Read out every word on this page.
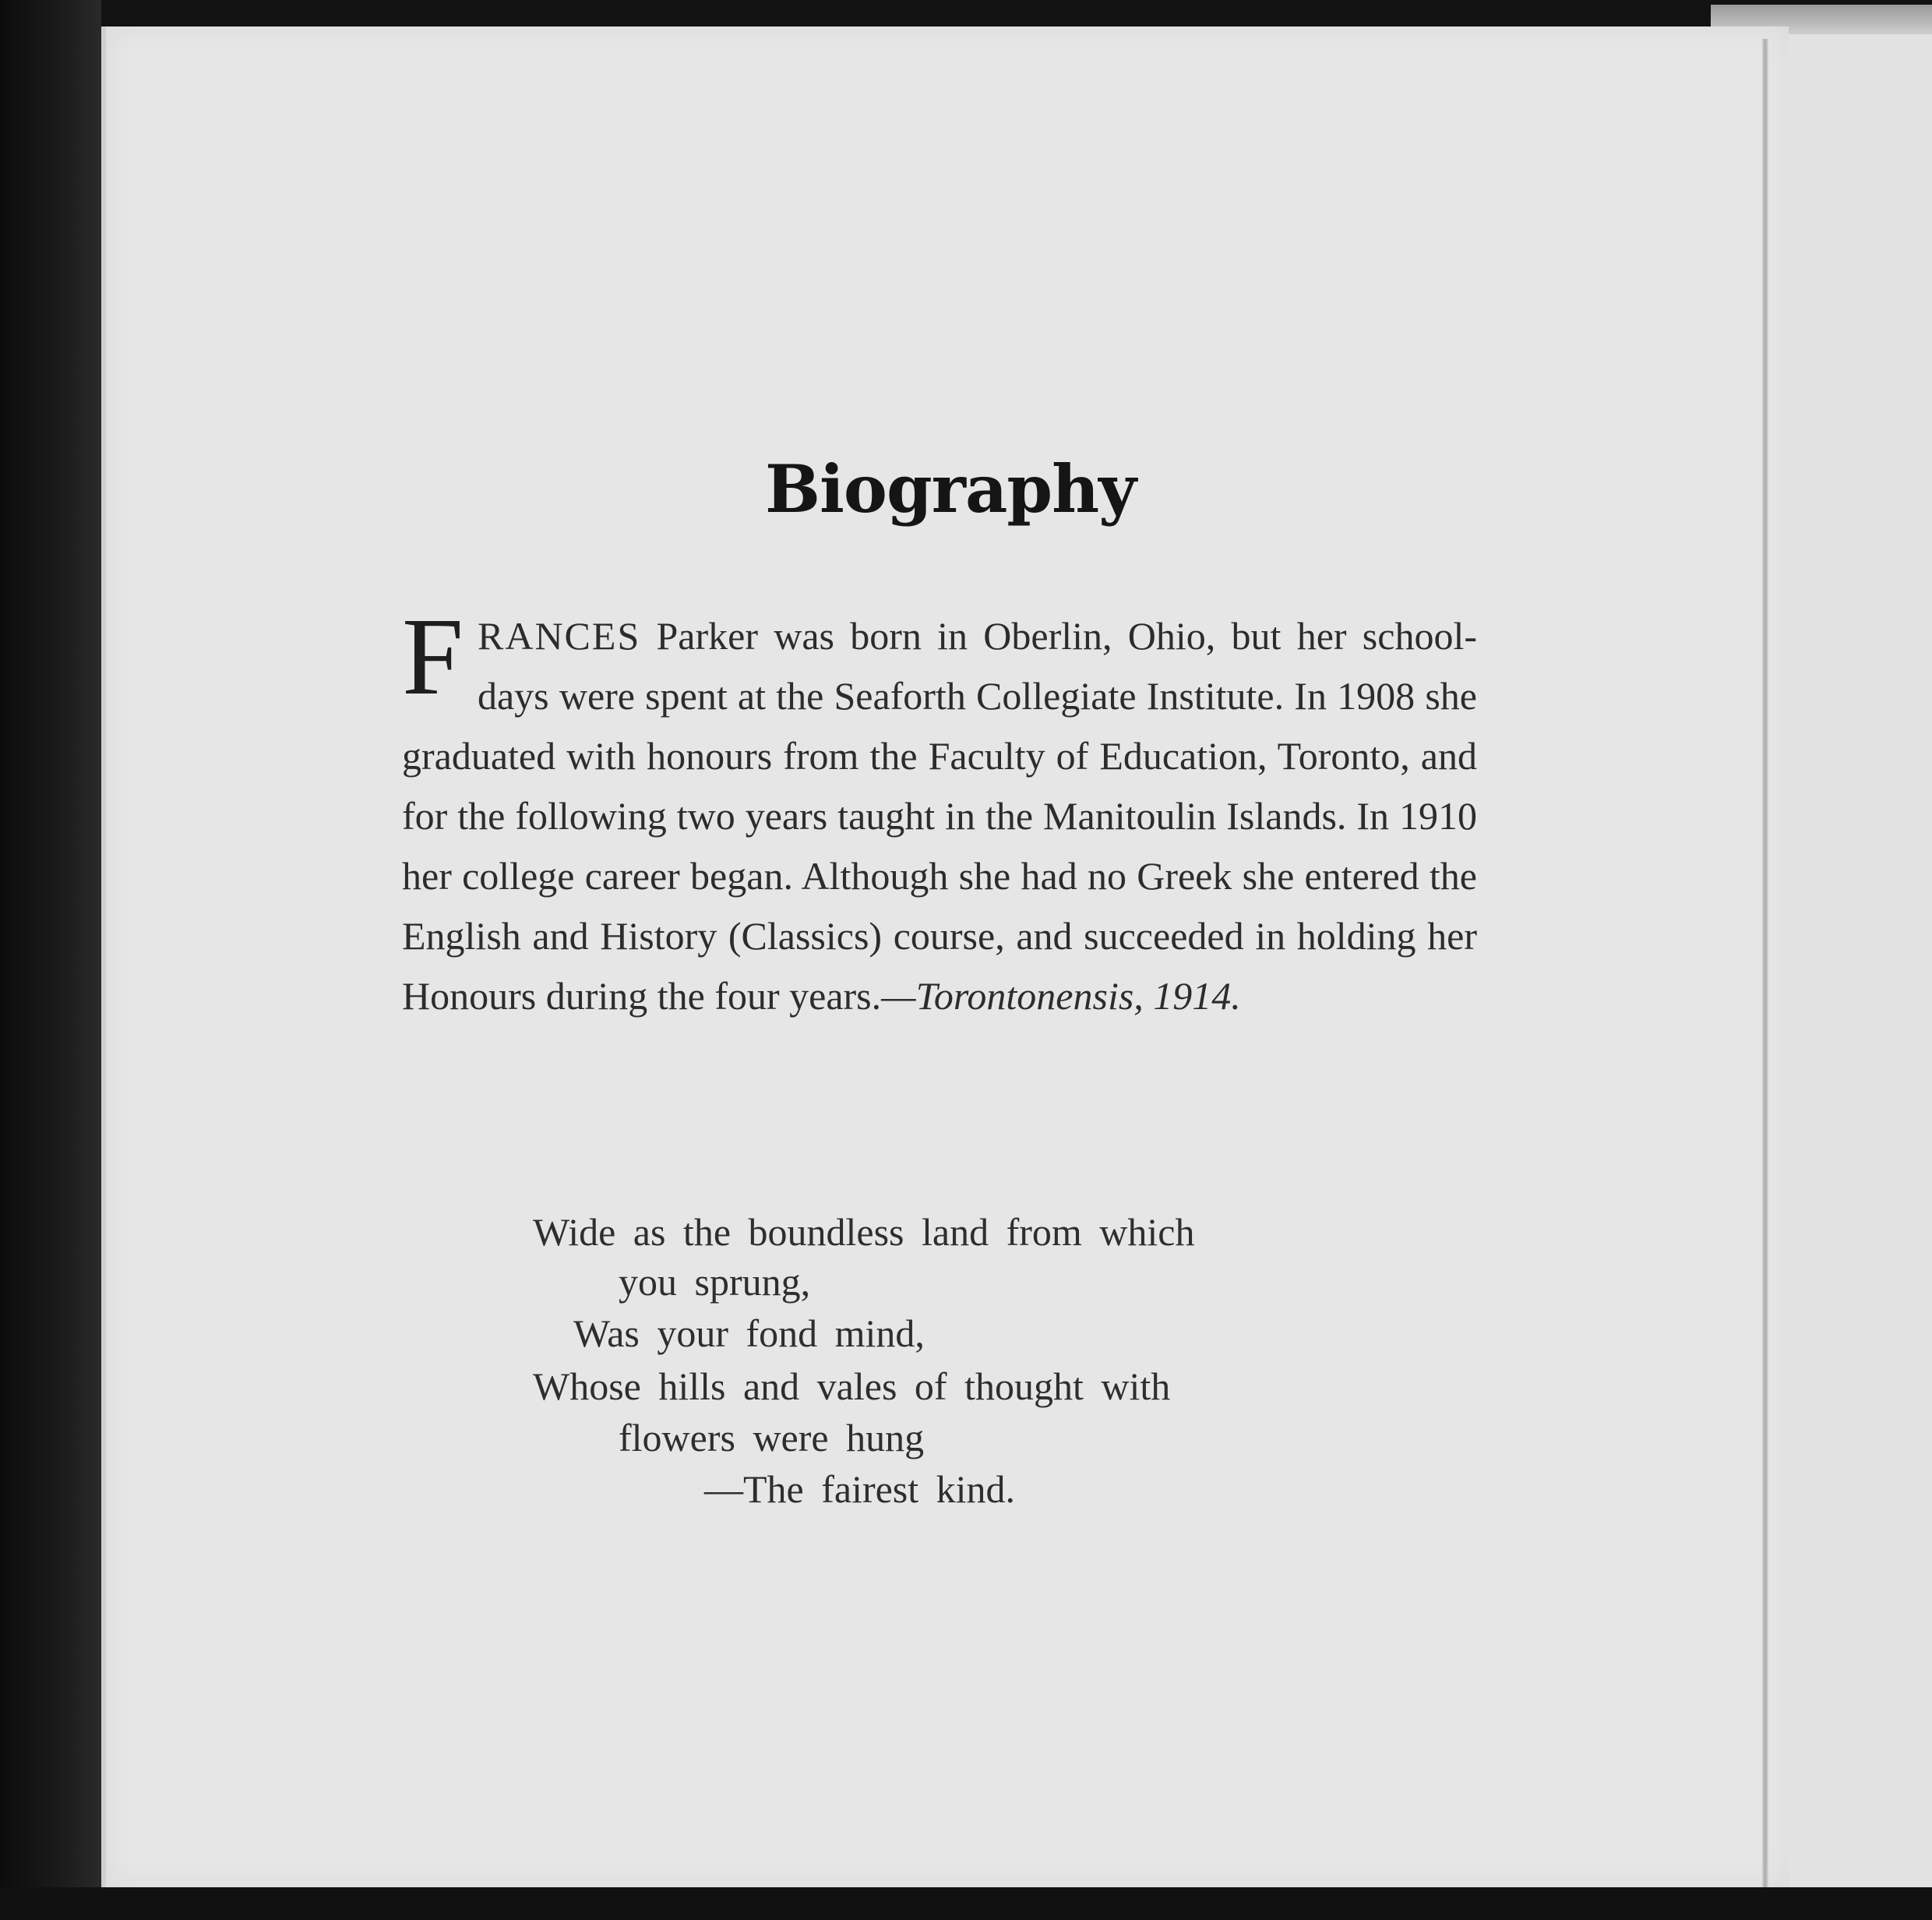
Biography

FRANCES Parker was born in Oberlin, Ohio, but her school-days were spent at the Seaforth Collegiate Institute. In 1908 she graduated with honours from the Faculty of Education, Toronto, and for the following two years taught in the Manitoulin Islands. In 1910 her college career began. Although she had no Greek she entered the English and History (Classics) course, and succeeded in holding her Honours during the four years.—Torontonensis, 1914.

Wide as the boundless land from which
you sprung,
Was your fond mind,
Whose hills and vales of thought with
flowers were hung
—The fairest kind.
